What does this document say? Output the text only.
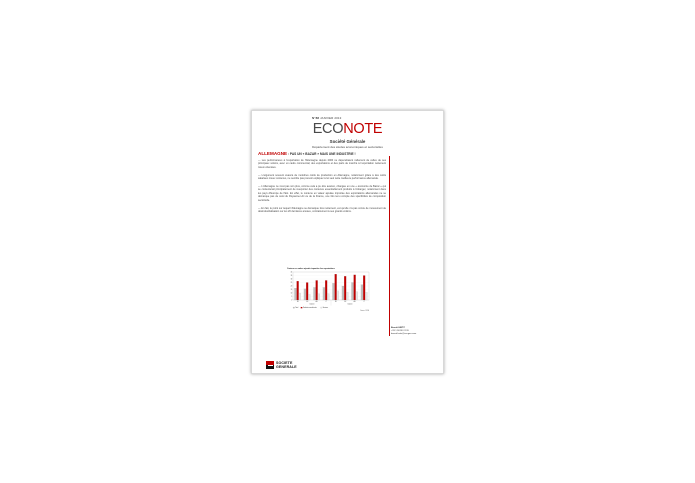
N°88 JANVIER 2013
ECONOTE
Société Générale
Département des études économiques et sectorielles
ALLEMAGNE : PAS UN « BAZAR » MAIS UNE INDUSTRIE !

— Les performances à l'exportation de l'Allemagne depuis 2000 ne dépendraient nullement de celles de ses principaux voisins, avec un cadre commercial, des exportations et des parts de marché à l'exportation nettement mieux orientées.

— L'argument souvent avancé de moindres coûts de production en Allemagne, notamment grâce à des coûts salariaux mieux contenus, ne semble pas pouvoir expliquer à lui seul cette meilleure performance allemande.

— L'Allemagne ne s'est pas non plus, comme cela a pu être avancé, changée en une « économie de Bazar » qui se contenterait principalement de réexporter des contenus essentiellement produits à l'étranger, notamment dans les pays d'Europe de l'Est. En effet, le contenu en valeur ajoutée importée des exportations allemandes ne se démarque pas de celui du Royaume-Uni ou de la France, une fois tenu compte des spécificités de composition sectorielle.

— En fait, le point sur lequel l'Allemagne se démarque très nettement, est qu'elle n'a pas connu de mouvement de désindustrialisation sur les 20 dernières années, contrairement à ses grands voisins.

Contenu en valeur ajoutée importée des exportations
0
5
10
15
20
25
30
35
40
FR	RU	ALL	IT	FR	RU	ALL	IT
Industrie	Industrie
Total	Produits manufacturés	Services
Source: OCDE
Benoît HEITZ
+33 1 58 98 74 26
benoit.heitz@socgen.com
SOCIETE
GENERALE
